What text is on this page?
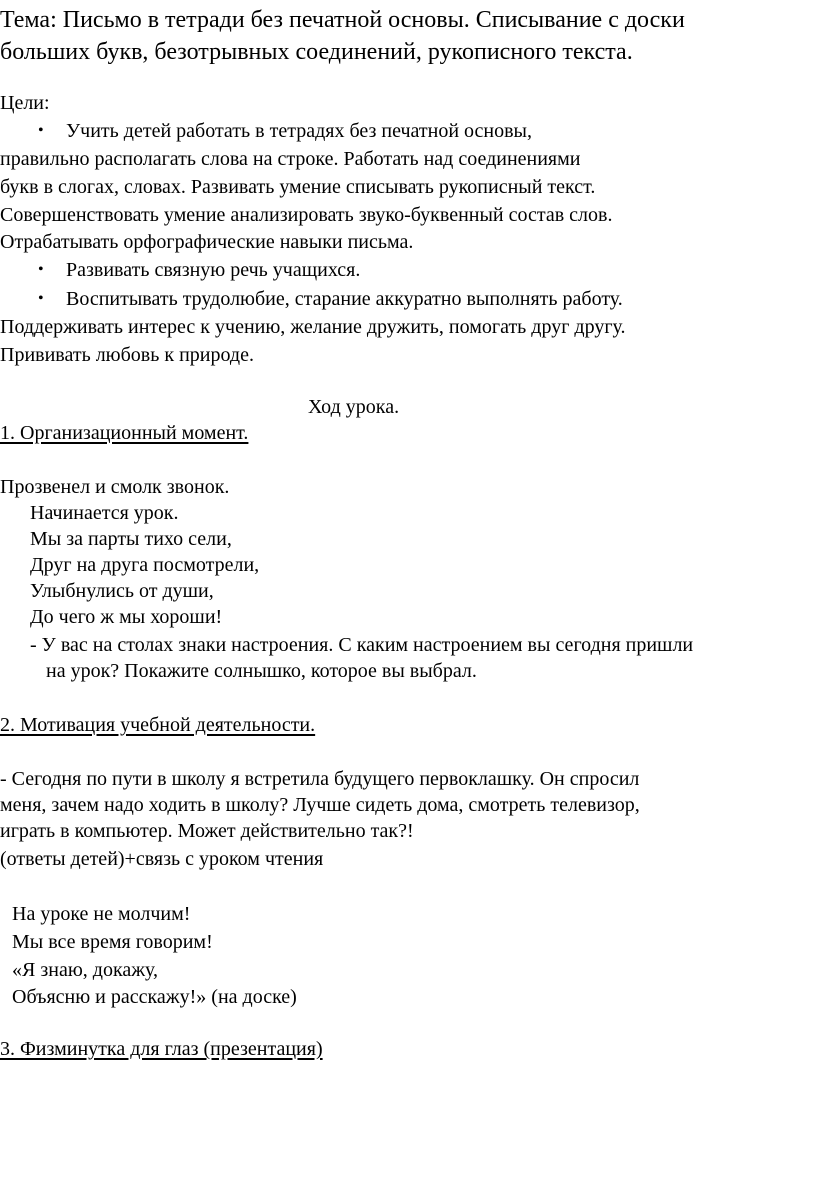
Тема: Письмо в тетради без печатной основы. Списывание с доски
больших букв, безотрывных соединений, рукописного текста.
Цели:
• Учить детей работать в тетрадях без печатной основы,
правильно располагать слова на строке. Работать над соединениями
букв в слогах, словах. Развивать умение списывать рукописный текст.
Совершенствовать умение анализировать звуко-буквенный состав слов.
Отрабатывать орфографические навыки письма.
• Развивать связную речь учащихся.
• Воспитывать трудолюбие, старание аккуратно выполнять работу.
Поддерживать интерес к учению, желание дружить, помогать друг другу.
Прививать любовь к природе.
Ход урока.
1. Организационный момент.
Прозвенел и смолк звонок.
Начинается урок.
Мы за парты тихо сели,
Друг на друга посмотрели,
Улыбнулись от души,
До чего ж мы хороши!
- У вас на столах знаки настроения. С каким настроением вы сегодня пришли
на урок? Покажите солнышко, которое вы выбрал.
2. Мотивация учебной деятельности.
- Сегодня по пути в школу я встретила будущего первоклашку. Он спросил
меня, зачем надо ходить в школу? Лучше сидеть дома, смотреть телевизор,
играть в компьютер. Может действительно так?!
(ответы детей)+связь с уроком чтения
На уроке не молчим!
Мы все время говорим!
«Я знаю, докажу,
Объясню и расскажу!» (на доске)
3. Физминутка для глаз (презентация)
